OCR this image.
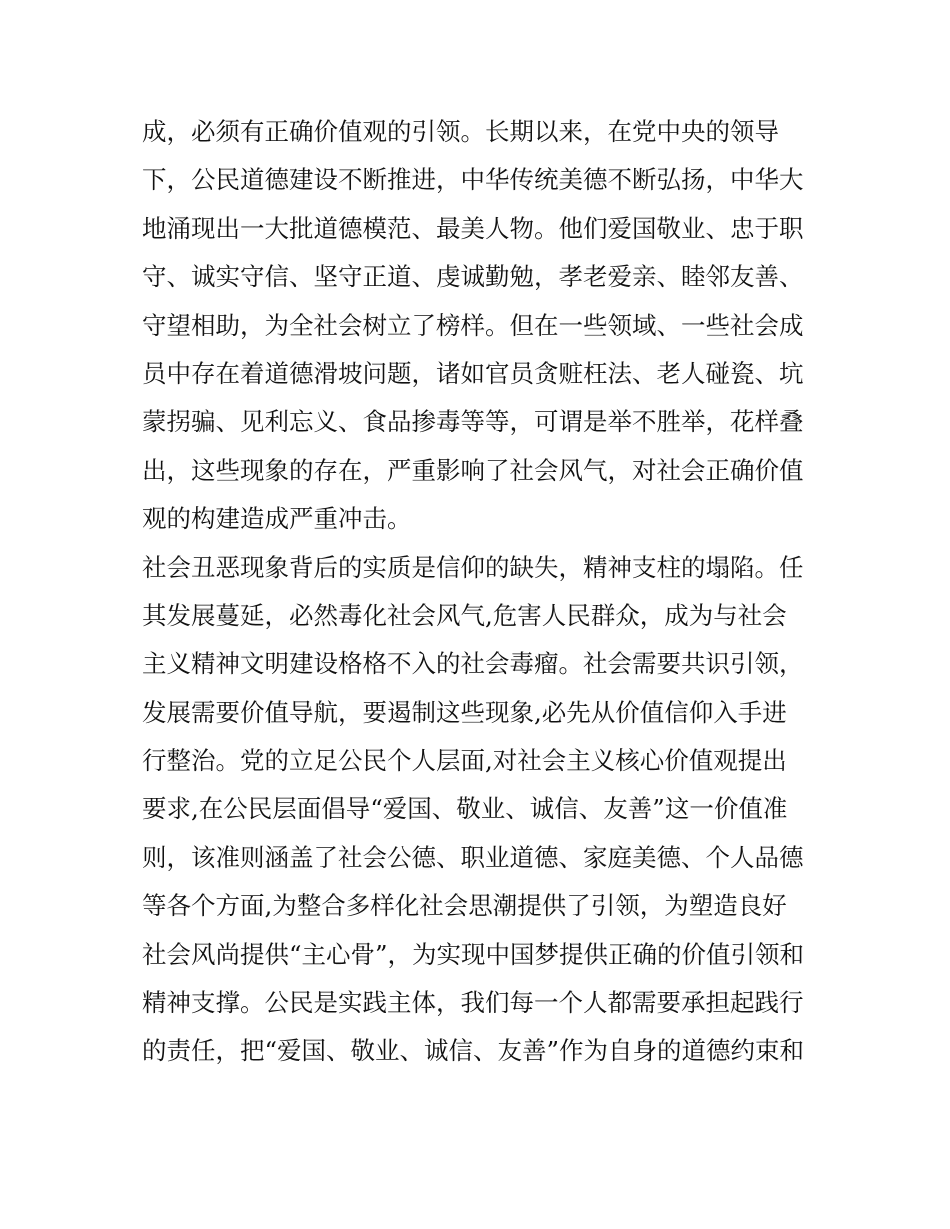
成，必须有正确价值观的引领。长期以来，在党中央的领导
下，公民道德建设不断推进，中华传统美德不断弘扬，中华大
地涌现出一大批道德模范、最美人物。他们爱国敬业、忠于职
守、诚实守信、坚守正道、虔诚勤勉，孝老爱亲、睦邻友善、
守望相助，为全社会树立了榜样。但在一些领域、一些社会成
员中存在着道德滑坡问题，诸如官员贪赃枉法、老人碰瓷、坑
蒙拐骗、见利忘义、食品掺毒等等，可谓是举不胜举，花样叠
出，这些现象的存在，严重影响了社会风气，对社会正确价值
观的构建造成严重冲击。
社会丑恶现象背后的实质是信仰的缺失，精神支柱的塌陷。任
其发展蔓延，必然毒化社会风气,危害人民群众，成为与社会
主义精神文明建设格格不入的社会毒瘤。社会需要共识引领，
发展需要价值导航，要遏制这些现象,必先从价值信仰入手进
行整治。党的立足公民个人层面,对社会主义核心价值观提出
要求,在公民层面倡导“爱国、敬业、诚信、友善”这一价值准
则，该准则涵盖了社会公德、职业道德、家庭美德、个人品德
等各个方面,为整合多样化社会思潮提供了引领，为塑造良好
社会风尚提供“主心骨”，为实现中国梦提供正确的价值引领和
精神支撑。公民是实践主体，我们每一个人都需要承担起践行
的责任，把“爱国、敬业、诚信、友善”作为自身的道德约束和
